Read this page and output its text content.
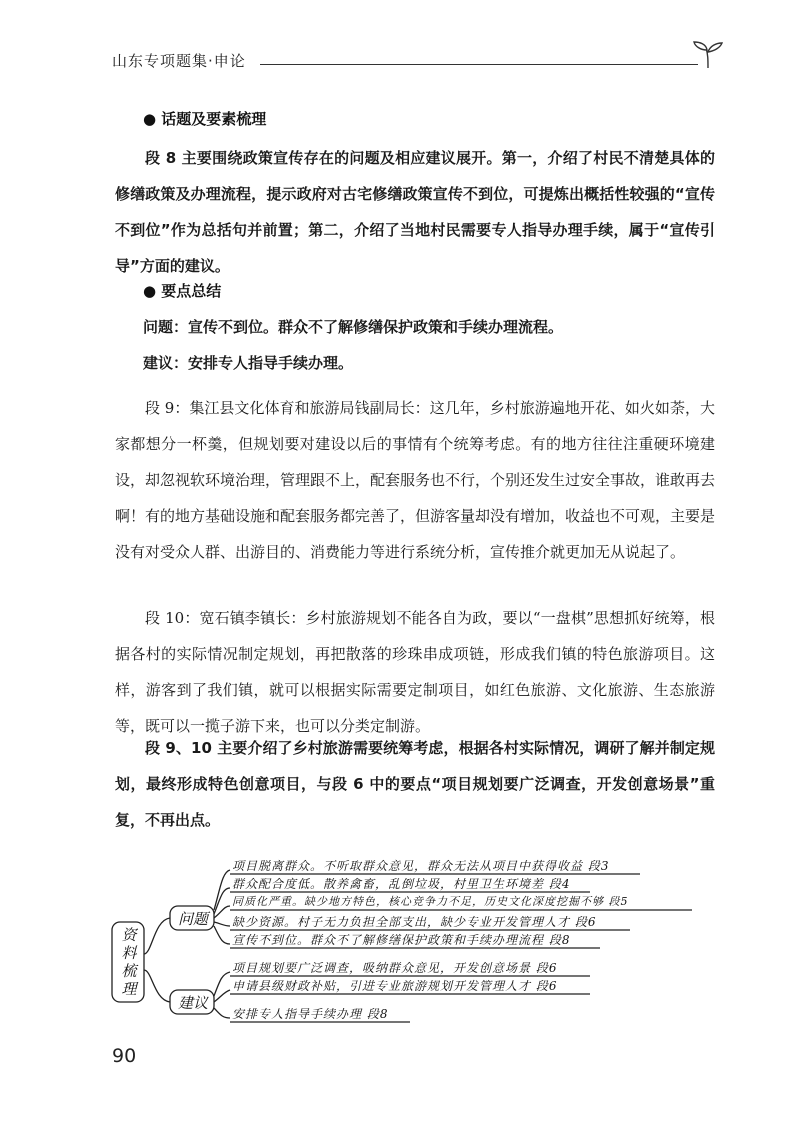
山东专项题集·申论
● 话题及要素梳理
段 8 主要围绕政策宣传存在的问题及相应建议展开。第一，介绍了村民不清楚具体的修缮政策及办理流程，提示政府对古宅修缮政策宣传不到位，可提炼出概括性较强的“宣传不到位”作为总括句并前置；第二，介绍了当地村民需要专人指导办理手续，属于“宣传引导”方面的建议。
● 要点总结
问题：宣传不到位。群众不了解修缮保护政策和手续办理流程。
建议：安排专人指导手续办理。
段 9：集江县文化体育和旅游局钱副局长：这几年，乡村旅游遍地开花、如火如荼，大家都想分一杯羹，但规划要对建设以后的事情有个统筹考虑。有的地方往往注重硬环境建设，却忽视软环境治理，管理跟不上，配套服务也不行，个别还发生过安全事故，谁敢再去啊！有的地方基础设施和配套服务都完善了，但游客量却没有增加，收益也不可观，主要是没有对受众人群、出游目的、消费能力等进行系统分析，宣传推介就更加无从说起了。
段 10：宽石镇李镇长：乡村旅游规划不能各自为政，要以“一盘棋”思想抓好统筹，根据各村的实际情况制定规划，再把散落的珍珠串成项链，形成我们镇的特色旅游项目。这样，游客到了我们镇，就可以根据实际需要定制项目，如红色旅游、文化旅游、生态旅游等，既可以一揽子游下来，也可以分类定制游。
段 9、10 主要介绍了乡村旅游需要统筹考虑，根据各村实际情况，调研了解并制定规划，最终形成特色创意项目，与段 6 中的要点“项目规划要广泛调查，开发创意场景”重复，不再出点。
资料梳理
问题
建议
项目脱离群众。不听取群众意见，群众无法从项目中获得收益 段3
群众配合度低。散养禽畜，乱倒垃圾，村里卫生环境差 段4
同质化严重。缺少地方特色，核心竞争力不足，历史文化深度挖掘不够 段5
缺少资源。村子无力负担全部支出，缺少专业开发管理人才 段6
宣传不到位。群众不了解修缮保护政策和手续办理流程 段8
项目规划要广泛调查，吸纳群众意见，开发创意场景 段6
申请县级财政补贴，引进专业旅游规划开发管理人才 段6
安排专人指导手续办理 段8
90
